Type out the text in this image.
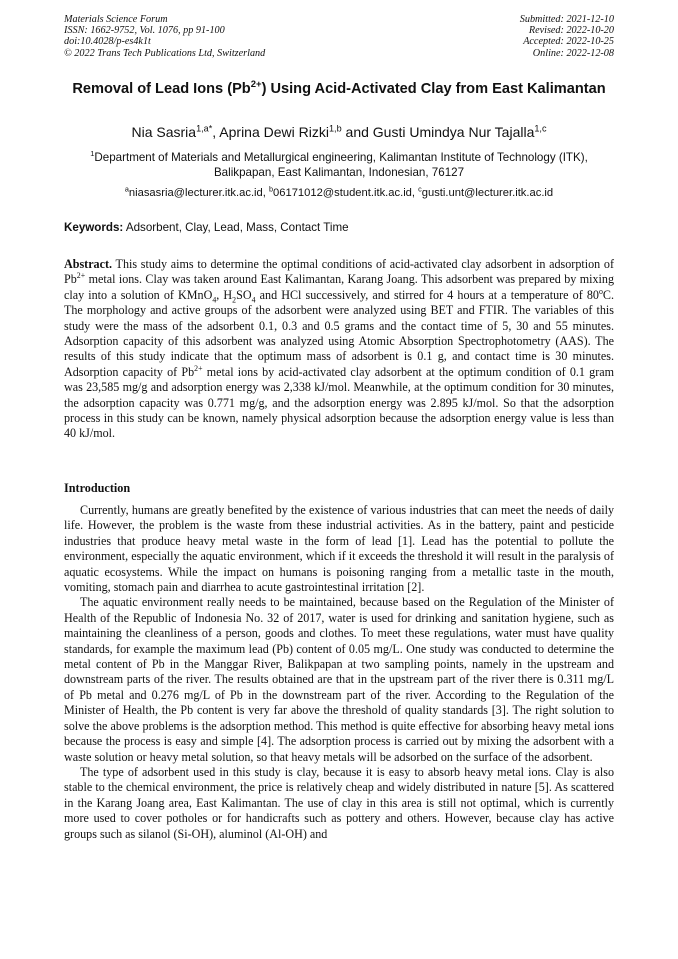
Materials Science Forum
ISSN: 1662-9752, Vol. 1076, pp 91-100
doi:10.4028/p-es4k1t
© 2022 Trans Tech Publications Ltd, Switzerland
Submitted: 2021-12-10
Revised: 2022-10-20
Accepted: 2022-10-25
Online: 2022-12-08
Removal of Lead Ions $(Pb^{2+})$ Using Acid-Activated Clay from East Kalimantan
Nia Sasria$^{1,a*}$, Aprina Dewi Rizki$^{1,b}$ and Gusti Umindya Nur Tajalla$^{1,c}$
$^1$Department of Materials and Metallurgical engineering, Kalimantan Institute of Technology (ITK), Balikpapan, East Kalimantan, Indonesian, 76127
$^a$niasasria@lecturer.itk.ac.id, $^b$06171012@student.itk.ac.id, $^c$gusti.unt@lecturer.itk.ac.id
Keywords: Adsorbent, Clay, Lead, Mass, Contact Time
Abstract. This study aims to determine the optimal conditions of acid-activated clay adsorbent in adsorption of $Pb^{2+}$ metal ions. Clay was taken around East Kalimantan, Karang Joang. This adsorbent was prepared by mixing clay into a solution of KMnO$_4$, $H_2SO_4$ and HCl successively, and stirred for 4 hours at a temperature of 80$^o$C. The morphology and active groups of the adsorbent were analyzed using BET and FTIR. The variables of this study were the mass of the adsorbent 0.1, 0.3 and 0.5 grams and the contact time of 5, 30 and 55 minutes. Adsorption capacity of this adsorbent was analyzed using Atomic Absorption Spectrophotometry (AAS). The results of this study indicate that the optimum mass of adsorbent is 0.1 g, and contact time is 30 minutes. Adsorption capacity of $Pb^{2+}$ metal ions by acid-activated clay adsorbent at the optimum condition of 0.1 gram was 23,585 mg/g and adsorption energy was 2,338 kJ/mol. Meanwhile, at the optimum condition for 30 minutes, the adsorption capacity was 0.771 mg/g, and the adsorption energy was 2.895 kJ/mol. So that the adsorption process in this study can be known, namely physical adsorption because the adsorption energy value is less than 40 kJ/mol.
Introduction

Currently, humans are greatly benefited by the existence of various industries that can meet the needs of daily life. However, the problem is the waste from these industrial activities. As in the battery, paint and pesticide industries that produce heavy metal waste in the form of lead [1]. Lead has the potential to pollute the environment, especially the aquatic environment, which if it exceeds the threshold it will result in the paralysis of aquatic ecosystems. While the impact on humans is poisoning ranging from a metallic taste in the mouth, vomiting, stomach pain and diarrhea to acute gastrointestinal irritation [2].

The aquatic environment really needs to be maintained, because based on the Regulation of the Minister of Health of the Republic of Indonesia No. 32 of 2017, water is used for drinking and sanitation hygiene, such as maintaining the cleanliness of a person, goods and clothes. To meet these regulations, water must have quality standards, for example the maximum lead (Pb) content of 0.05 mg/L. One study was conducted to determine the metal content of Pb in the Manggar River, Balikpapan at two sampling points, namely in the upstream and downstream parts of the river. The results obtained are that in the upstream part of the river there is 0.311 mg/L of Pb metal and 0.276 mg/L of Pb in the downstream part of the river. According to the Regulation of the Minister of Health, the Pb content is very far above the threshold of quality standards [3]. The right solution to solve the above problems is the adsorption method. This method is quite effective for absorbing heavy metal ions because the process is easy and simple [4]. The adsorption process is carried out by mixing the adsorbent with a waste solution or heavy metal solution, so that heavy metals will be adsorbed on the surface of the adsorbent.

The type of adsorbent used in this study is clay, because it is easy to absorb heavy metal ions. Clay is also stable to the chemical environment, the price is relatively cheap and widely distributed in nature [5]. As scattered in the Karang Joang area, East Kalimantan. The use of clay in this area is still not optimal, which is currently more used to cover potholes or for handicrafts such as pottery and others. However, because clay has active groups such as silanol (Si-OH), aluminol (Al-OH) and
